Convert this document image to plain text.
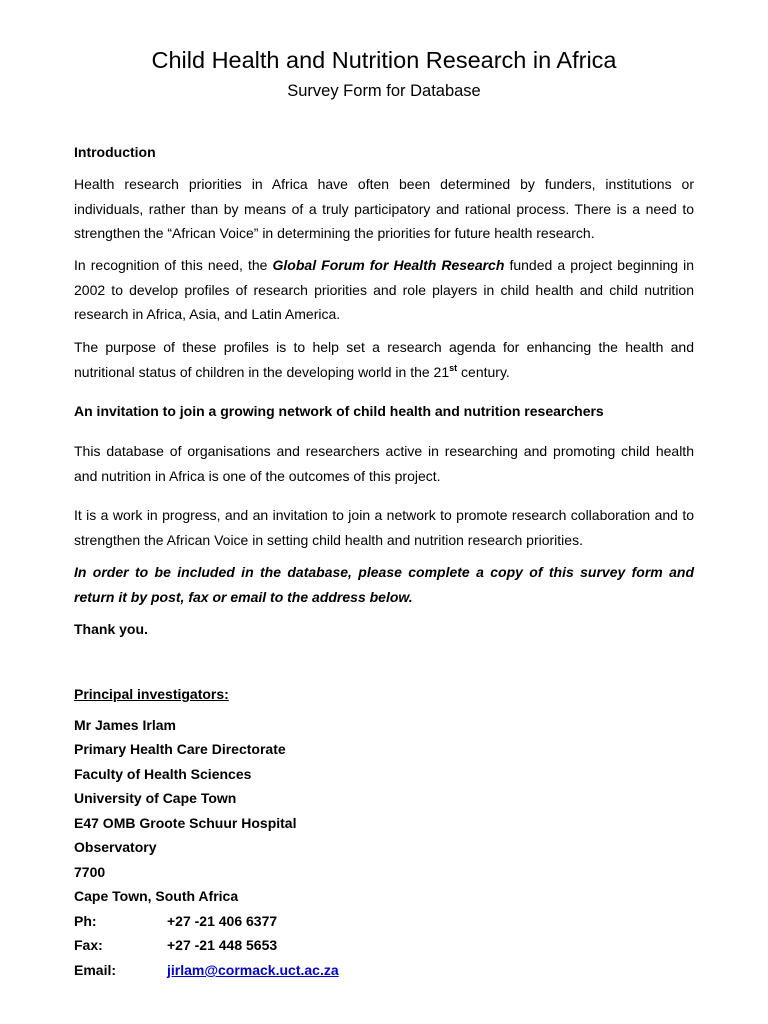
Child Health and Nutrition Research in Africa
Survey Form for Database
Introduction

Health research priorities in Africa have often been determined by funders, institutions or individuals, rather than by means of a truly participatory and rational process. There is a need to strengthen the “African Voice” in determining the priorities for future health research.

In recognition of this need, the Global Forum for Health Research funded a project beginning in 2002 to develop profiles of research priorities and role players in child health and child nutrition research in Africa, Asia, and Latin America.

The purpose of these profiles is to help set a research agenda for enhancing the health and nutritional status of children in the developing world in the 21st century.

An invitation to join a growing network of child health and nutrition researchers

This database of organisations and researchers active in researching and promoting child health and nutrition in Africa is one of the outcomes of this project.

It is a work in progress, and an invitation to join a network to promote research collaboration and to strengthen the African Voice in setting child health and nutrition research priorities.

In order to be included in the database, please complete a copy of this survey form and return it by post, fax or email to the address below.

Thank you.
Principal investigators:
Mr James Irlam
Primary Health Care Directorate
Faculty of Health Sciences
University of Cape Town
E47 OMB Groote Schuur Hospital
Observatory
7700
Cape Town, South Africa
Ph:	+27 -21 406 6377
Fax:	+27 -21 448 5653
Email:	jirlam@cormack.uct.ac.za
